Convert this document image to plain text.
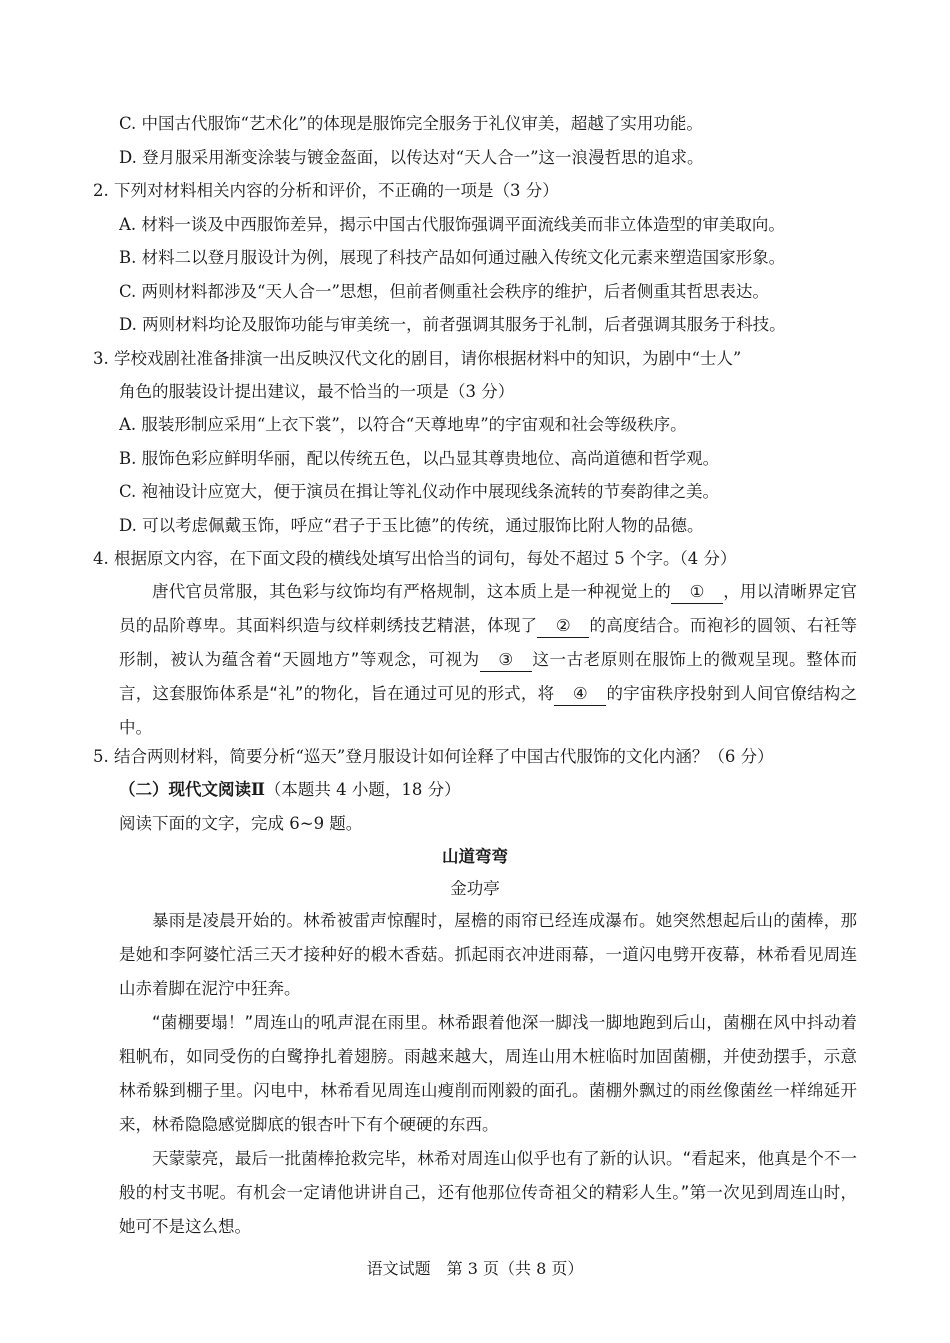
C. 中国古代服饰“艺术化”的体现是服饰完全服务于礼仪审美，超越了实用功能。
D. 登月服采用渐变涂装与镀金盔面，以传达对“天人合一”这一浪漫哲思的追求。
2. 下列对材料相关内容的分析和评价，不正确的一项是（3 分）
A. 材料一谈及中西服饰差异，揭示中国古代服饰强调平面流线美而非立体造型的审美取向。
B. 材料二以登月服设计为例，展现了科技产品如何通过融入传统文化元素来塑造国家形象。
C. 两则材料都涉及“天人合一”思想，但前者侧重社会秩序的维护，后者侧重其哲思表达。
D. 两则材料均论及服饰功能与审美统一，前者强调其服务于礼制，后者强调其服务于科技。
3. 学校戏剧社准备排演一出反映汉代文化的剧目，请你根据材料中的知识，为剧中“士人”
角色的服装设计提出建议，最不恰当的一项是（3 分）
A. 服装形制应采用“上衣下裳”，以符合“天尊地卑”的宇宙观和社会等级秩序。
B. 服饰色彩应鲜明华丽，配以传统五色，以凸显其尊贵地位、高尚道德和哲学观。
C. 袍袖设计应宽大，便于演员在揖让等礼仪动作中展现线条流转的节奏韵律之美。
D. 可以考虑佩戴玉饰，呼应“君子于玉比德”的传统，通过服饰比附人物的品德。
4. 根据原文内容，在下面文段的横线处填写出恰当的词句，每处不超过 5 个字。（4 分）
唐代官员常服，其色彩与纹饰均有严格规制，这本质上是一种视觉上的 ① ，用以清晰界定官员的品阶尊卑。其面料织造与纹样刺绣技艺精湛，体现了 ② 的高度结合。而袍衫的圆领、右衽等形制，被认为蕴含着“天圆地方”等观念，可视为 ③ 这一古老原则在服饰上的微观呈现。整体而言，这套服饰体系是“礼”的物化，旨在通过可见的形式，将 ④ 的宇宙秩序投射到人间官僚结构之中。
5. 结合两则材料，简要分析“巡天”登月服设计如何诠释了中国古代服饰的文化内涵？（6 分）
（二）现代文阅读Ⅱ（本题共 4 小题，18 分）
阅读下面的文字，完成 6~9 题。
山道弯弯
金功亭
暴雨是凌晨开始的。林希被雷声惊醒时，屋檐的雨帘已经连成瀑布。她突然想起后山的菌棒，那是她和李阿婆忙活三天才接种好的椴木香菇。抓起雨衣冲进雨幕，一道闪电劈开夜幕，林希看见周连山赤着脚在泥泞中狂奔。
“菌棚要塌！”周连山的吼声混在雨里。林希跟着他深一脚浅一脚地跑到后山，菌棚在风中抖动着粗帆布，如同受伤的白鹭挣扎着翅膀。雨越来越大，周连山用木桩临时加固菌棚，并使劲摆手，示意林希躲到棚子里。闪电中，林希看见周连山瘦削而刚毅的面孔。菌棚外飘过的雨丝像菌丝一样绵延开来，林希隐隐感觉脚底的银杏叶下有个硬硬的东西。
天蒙蒙亮，最后一批菌棒抢救完毕，林希对周连山似乎也有了新的认识。“看起来，他真是个不一般的村支书呢。有机会一定请他讲讲自己，还有他那位传奇祖父的精彩人生。”第一次见到周连山时，她可不是这么想。
语文试题　第 3 页（共 8 页）
